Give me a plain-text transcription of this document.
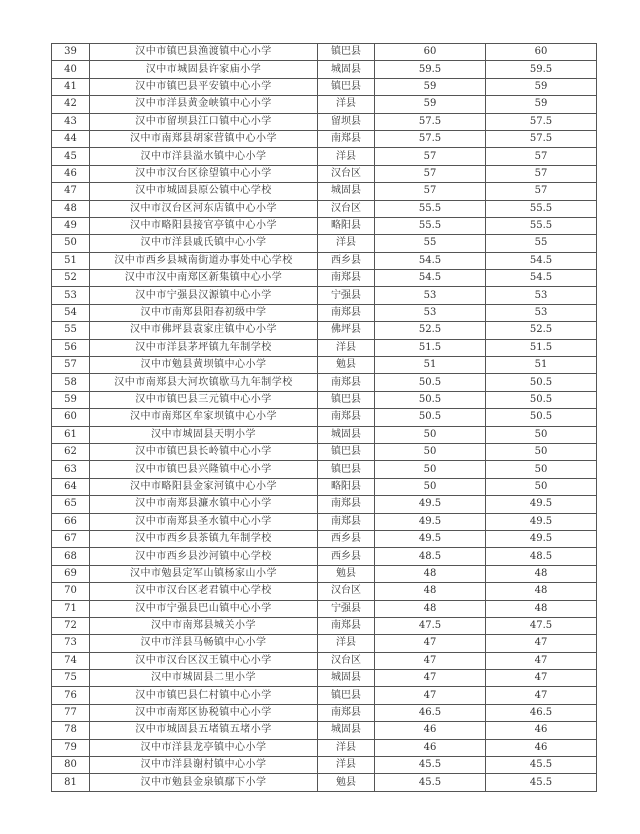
39	汉中市镇巴县渔渡镇中心小学	镇巴县	60	60
40	汉中市城固县许家庙小学	城固县	59.5	59.5
41	汉中市镇巴县平安镇中心小学	镇巴县	59	59
42	汉中市洋县黄金峡镇中心小学	洋县	59	59
43	汉中市留坝县江口镇中心小学	留坝县	57.5	57.5
44	汉中市南郑县胡家营镇中心小学	南郑县	57.5	57.5
45	汉中市洋县溢水镇中心小学	洋县	57	57
46	汉中市汉台区徐望镇中心小学	汉台区	57	57
47	汉中市城固县原公镇中心学校	城固县	57	57
48	汉中市汉台区河东店镇中心小学	汉台区	55.5	55.5
49	汉中市略阳县接官亭镇中心小学	略阳县	55.5	55.5
50	汉中市洋县戚氏镇中心小学	洋县	55	55
51	汉中市西乡县城南街道办事处中心学校	西乡县	54.5	54.5
52	汉中市汉中南郑区新集镇中心小学	南郑县	54.5	54.5
53	汉中市宁强县汉源镇中心小学	宁强县	53	53
54	汉中市南郑县阳春初级中学	南郑县	53	53
55	汉中市佛坪县袁家庄镇中心小学	佛坪县	52.5	52.5
56	汉中市洋县茅坪镇九年制学校	洋县	51.5	51.5
57	汉中市勉县黄坝镇中心小学	勉县	51	51
58	汉中市南郑县大河坎镇歇马九年制学校	南郑县	50.5	50.5
59	汉中市镇巴县三元镇中心小学	镇巴县	50.5	50.5
60	汉中市南郑区牟家坝镇中心小学	南郑县	50.5	50.5
61	汉中市城固县天明小学	城固县	50	50
62	汉中市镇巴县长岭镇中心小学	镇巴县	50	50
63	汉中市镇巴县兴隆镇中心小学	镇巴县	50	50
64	汉中市略阳县金家河镇中心小学	略阳县	50	50
65	汉中市南郑县濂水镇中心小学	南郑县	49.5	49.5
66	汉中市南郑县圣水镇中心小学	南郑县	49.5	49.5
67	汉中市西乡县茶镇九年制学校	西乡县	49.5	49.5
68	汉中市西乡县沙河镇中心学校	西乡县	48.5	48.5
69	汉中市勉县定军山镇杨家山小学	勉县	48	48
70	汉中市汉台区老君镇中心学校	汉台区	48	48
71	汉中市宁强县巴山镇中心小学	宁强县	48	48
72	汉中市南郑县城关小学	南郑县	47.5	47.5
73	汉中市洋县马畅镇中心小学	洋县	47	47
74	汉中市汉台区汉王镇中心小学	汉台区	47	47
75	汉中市城固县二里小学	城固县	47	47
76	汉中市镇巴县仁村镇中心小学	镇巴县	47	47
77	汉中市南郑区协税镇中心小学	南郑县	46.5	46.5
78	汉中市城固县五堵镇五堵小学	城固县	46	46
79	汉中市洋县龙亭镇中心小学	洋县	46	46
80	汉中市洋县谢村镇中心小学	洋县	45.5	45.5
81	汉中市勉县金泉镇鄢下小学	勉县	45.5	45.5
